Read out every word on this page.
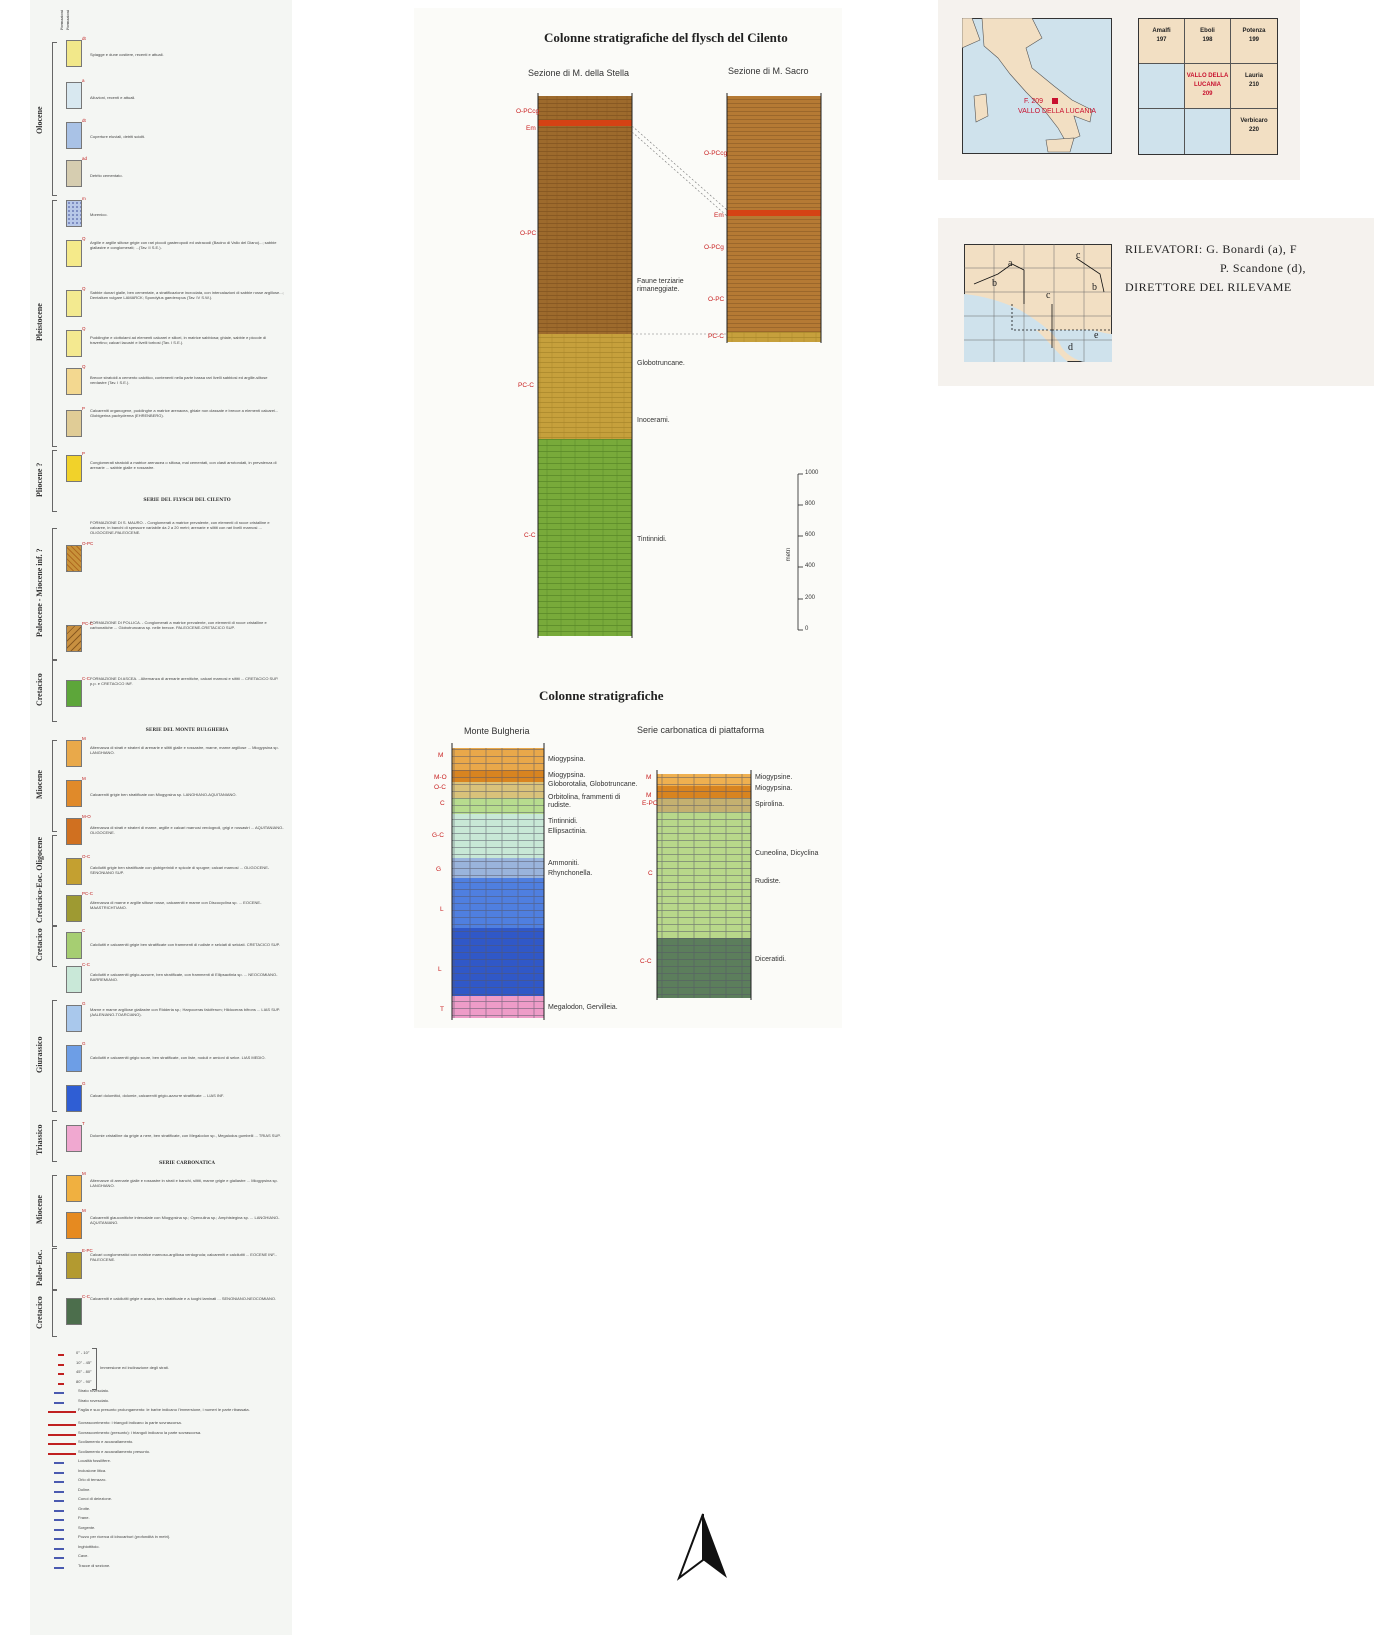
Formazioni Formazioni
Olocene
Pleistocene
Pliocene ?
Paleocene - Miocene inf. ?
Cretacico
Miocene
Cretacico-Eoc. Oligocene
Cretacico
Giurassico
Triassico
Miocene
Paleo-Eoc.
Cretacico
dt
Spiagge e dune costiere, recenti e attuali.
a
Alluvioni, recenti e attuali.
dt
Coperture eluviali, detriti sciolti.
ad
Detrito cementato.
m
Morenico.
Q
Argille e argille siltose grigie con rari piccoli gasteropodi ed ostracodi (Bacino di Vallo del Diano)...; sabbie giallastre e conglomerati; ...(Tav. II S.E.).
Q
Sabbie dunari gialle, ben cementate, a stratificazione incrociata, con intercalazioni di sabbie rosse argillose...; Dentalium vulgare LAMARCK; Spondylus gaederopus (Tav. IV S.W.).
Q
Puddinghe e ciottolami ad elementi calcarei e silicei, in matrice sabbiosa; ghiaie, sabbie e piccole di travertino; calcari lacustri e livelli torbosi (Tav. I S.E.).
Q
Brecce stratoidi a cemento calcitico, contenenti nella parte bassa rari livelli sabbiosi ed argille-siltose verdastre (Tav. I S.E.).
P Calcareniti organogene, puddinghe a matrice arenacea, ghiaie non classate e brecce a elementi calcarei... Globigerina pachyderma (EHRENBERG).
P
Conglomerati stratoidi a matrice arenacea o siltosa, mal cementati, con clasti arrotondati, in prevalenza di arenarie ... sabbie gialle e rossastre.
SERIE DEL FLYSCH DEL CILENTO
O-PC
FORMAZIONE DI S. MAURO. - Conglomerati a matrice prevalente, con elementi di rocce cristalline e calcaree, in banchi di spessore variabile da 2 a 20 metri; arenarie e siltiti con rari livelli marnosi ... OLIGOCENE-PALEOCENE.
PC-C
FORMAZIONE DI POLLICA. - Conglomerati a matrice prevalente, con elementi di rocce cristalline e carbonatiche ... Globotruncana sp. nelle brecce. PALEOCENE-CRETACICO SUP.
C-C FORMAZIONE DI ASCEA. - Alternanza di arenarie arenitiche, calcari marnosi e siltiti ... CRETACICO SUP. p.p. e CRETACICO INF.
SERIE DEL MONTE BULGHERIA
M
Alternanza di strati e strateri di arenarie e siltiti gialle e rossastre, marne, marne argillose ... Miogypsina sp. LANGHIANO.
M
Calcareniti grigie ben stratificate con Miogypsina sp. LANGHIANO-AQUITANIANO.
M-O
Alternanza di strati e strateri di marne, argille e calcari marnosi verdognoli, grigi e rossastri ... AQUITANIANO-OLIGOCENE.
O-C
Calcilutiti grigie ben stratificate con globigerinidi e spicole di spugne; calcari marnosi ... OLIGOCENE-SENONIANO SUP.
PC-C
Alternanza di marne e argille siltose rosse, calcareniti e marne con Discocyclina sp. ... EOCENE-MAASTRICHTIANO.
C
Calcilutiti e calcareniti grigie ben stratificate con frammenti di rudiste e selciati di selciati. CRETACICO SUP.
C-C
Calcilutiti e calcareniti grigio-azzurre, ben stratificate, con frammenti di Ellipsactinia sp. ... NEOCOMIANO-BARREMIANO.
G
Marne e marne argillose giallastre con Ridderia sp.; Harpoceras falciferum; Hildoceras bifrons ... LIAS SUP. (AALENIANO-TOARCIANO).
G
Calcilutiti e calcareniti grigio scure, ben stratificate, con liste, noduli e arnioni di selce. LIAS MEDIO.
G
Calcari dolomitici, dolomie, calcareniti grigio-azzurre stratificate ... LIAS INF.
T
Dolomie cristalline da grigie a nere, ben stratificate, con Megalodon sp., Megalodus gumbelii ... TRIAS SUP.
SERIE CARBONATICA
M
Alternanze di arenarie gialle e rossastre in strati e banchi, siltiti, marne grigie e giallastre ... Miogypsina sp. LANGHIANO.
M
Calcareniti glauconitiche intercalate con Miogypsina sp.; Operculina sp.; Amphistegina sp. ... LANGHIANO-AQUITANIANO.
E-PC
Calcari conglomeratici con matrice marnoso-argillosa verdognola; calcareniti e calcilutiti ... EOCENE INF.-PALEOCENE.
C-C Calcareniti e calcilutiti grigie e avana, ben stratificate e a luoghi laminati ... SENONIANO-NEOCOMIANO.
Immersione ed inclinazione degli strati.
0° - 10°
10° - 45°
45° - 80°
80° - 90°
Strato rovesciato.
Strato rovesciato.
Faglia e suo presunto prolungamento: le barbe indicano l'immersione, i numeri le parte ribassata.
Sovrascorrimento: i triangoli indicano la parte sovrascorsa.
Sovrascorrimento (presunto): i triangoli indicano la parte sovrascorsa.
Scollamento e accavallamento.
Scollamento e accavallamento presunto.
Località fossilifere.
Inclusione litica.
Orlo di terrazzo.
Doline.
Conoi di deiezione.
Grotte.
Frane.
Sorgente.
Pozzo per ricerca di idrocarburi (profondità in metri).
Inghiottitoio.
Cave.
Tracce di sezione.
Colonne stratigrafiche del flysch del Cilento
Sezione di M. della Stella	Sezione di M. Sacro
O-PCcg
Em
O-PC
PC-C
C-C
Faune terziarie rimaneggiate.
Globotruncane.
Inocerami.
Tintinnidi.
O-PCcg
Em
O-PCg
O-PC
PC-C
1000
800
600
400
200
0
metri
Colonne stratigrafiche
Monte Bulgheria	Serie carbonatica di piattaforma
M
M-O
O-C
C
G-C
G
L
L
T
Miogypsina.
Miogypsina.
Globorotalia, Globotruncane.
Orbitolina, frammenti di rudiste.
Tintinnidi.
Ellipsactinia.
Ammoniti.
Rhynchonella.
Megalodon, Gervilleia.
M
M
E-PC
C
C-C
Miogypsine.
Miogypsina.
Spirolina.
Cuneolina, Dicyclina
Rudiste.
Diceratidi.
F. 209
VALLO DELLA LUCANIA
Amalfi
197
Eboli
198
Potenza
199
VALLO DELLA LUCANIA
209
Lauria
210
Verbicaro
220
a
b
c
b
c
d
e
RILEVATORI: G. Bonardi (a), F
P. Scandone (d),
DIRETTORE DEL RILEVAME
